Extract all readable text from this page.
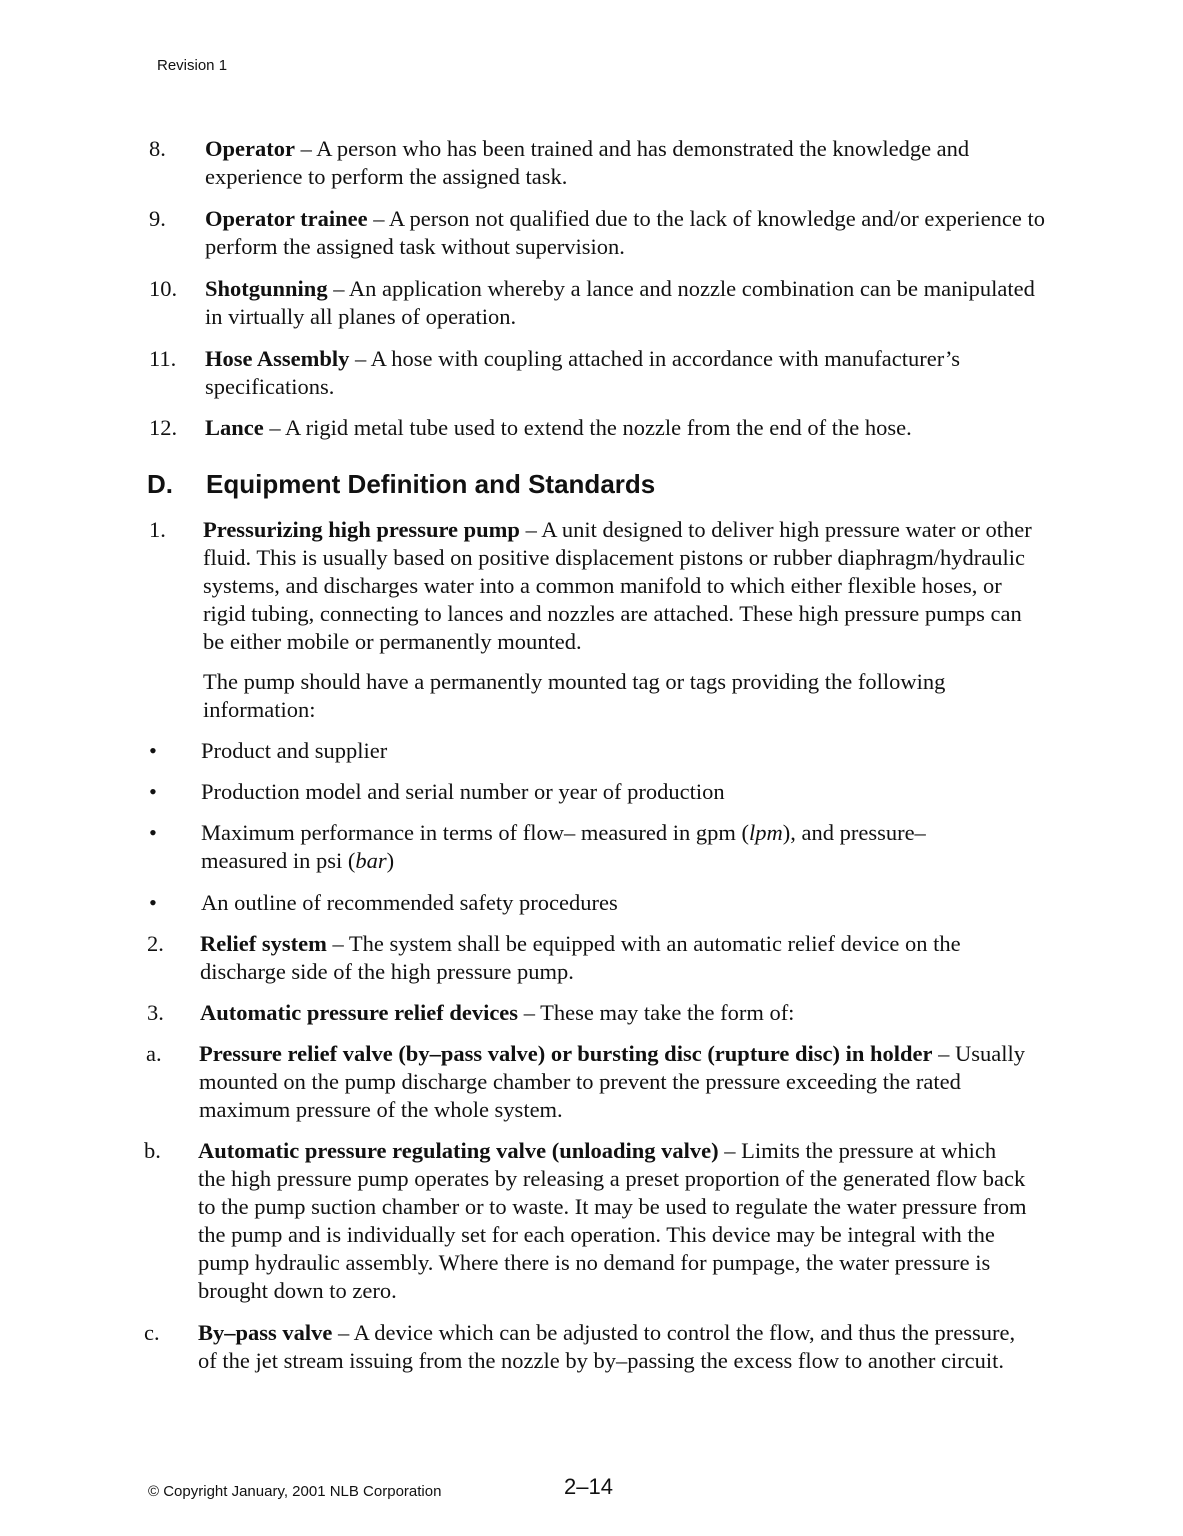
Revision 1
8. Operator – A person who has been trained and has demonstrated the knowledge and experience to perform the assigned task.
9. Operator trainee – A person not qualified due to the lack of knowledge and/or experience to perform the assigned task without supervision.
10. Shotgunning – An application whereby a lance and nozzle combination can be manipulated in virtually all planes of operation.
11. Hose Assembly – A hose with coupling attached in accordance with manufacturer’s specifications.
12. Lance – A rigid metal tube used to extend the nozzle from the end of the hose.
D. Equipment Definition and Standards
1. Pressurizing high pressure pump – A unit designed to deliver high pressure water or other fluid. This is usually based on positive displacement pistons or rubber diaphragm/hydraulic systems, and discharges water into a common manifold to which either flexible hoses, or rigid tubing, connecting to lances and nozzles are attached. These high pressure pumps can be either mobile or permanently mounted.
The pump should have a permanently mounted tag or tags providing the following information:
• Product and supplier
• Production model and serial number or year of production
• Maximum performance in terms of flow– measured in gpm (lpm), and pressure– measured in psi (bar)
• An outline of recommended safety procedures
2. Relief system – The system shall be equipped with an automatic relief device on the discharge side of the high pressure pump.
3. Automatic pressure relief devices – These may take the form of:
a. Pressure relief valve (by–pass valve) or bursting disc (rupture disc) in holder – Usually mounted on the pump discharge chamber to prevent the pressure exceeding the rated maximum pressure of the whole system.
b. Automatic pressure regulating valve (unloading valve) – Limits the pressure at which the high pressure pump operates by releasing a preset proportion of the generated flow back to the pump suction chamber or to waste. It may be used to regulate the water pressure from the pump and is individually set for each operation. This device may be integral with the pump hydraulic assembly. Where there is no demand for pumpage, the water pressure is brought down to zero.
c. By–pass valve – A device which can be adjusted to control the flow, and thus the pressure, of the jet stream issuing from the nozzle by by–passing the excess flow to another circuit.
© Copyright January, 2001 NLB Corporation	2–14
